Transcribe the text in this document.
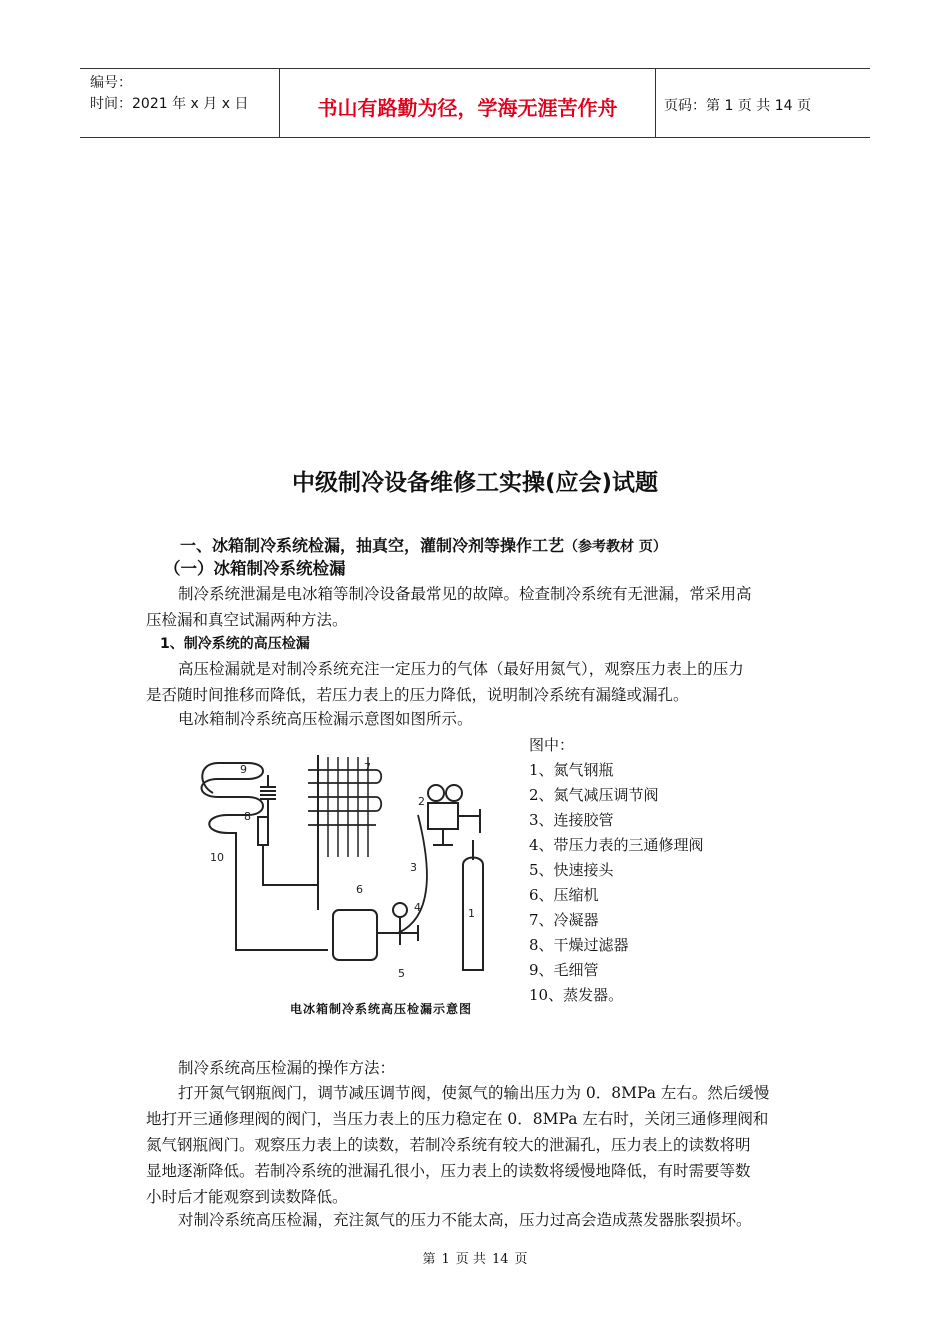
编号：
时间：2021 年 x 月 x 日	书山有路勤为径，学海无涯苦作舟	页码：第 1 页 共 14 页
中级制冷设备维修工实操(应会)试题
一、冰箱制冷系统检漏，抽真空，灌制冷剂等操作工艺（参考教材 页）
（一）冰箱制冷系统检漏
制冷系统泄漏是电冰箱等制冷设备最常见的故障。检查制冷系统有无泄漏，常采用高
压检漏和真空试漏两种方法。
1、制冷系统的高压检漏
高压检漏就是对制冷系统充注一定压力的气体（最好用氮气），观察压力表上的压力
是否随时间推移而降低，若压力表上的压力降低，说明制冷系统有漏缝或漏孔。
电冰箱制冷系统高压检漏示意图如图所示。
图中：
1、氮气钢瓶
2、氮气减压调节阀
3、连接胶管
4、带压力表的三通修理阀
5、快速接头
6、压缩机
7、冷凝器
8、干燥过滤器
9、毛细管
10、蒸发器。
9
8
10
7
6
2
3
4
5
1
电冰箱制冷系统高压检漏示意图
制冷系统高压检漏的操作方法：
打开氮气钢瓶阀门，调节减压调节阀，使氮气的输出压力为 0．8MPa 左右。然后缓慢
地打开三通修理阀的阀门，当压力表上的压力稳定在 0．8MPa 左右时，关闭三通修理阀和
氮气钢瓶阀门。观察压力表上的读数，若制冷系统有较大的泄漏孔，压力表上的读数将明
显地逐渐降低。若制冷系统的泄漏孔很小，压力表上的读数将缓慢地降低，有时需要等数
小时后才能观察到读数降低。
对制冷系统高压检漏，充注氮气的压力不能太高，压力过高会造成蒸发器胀裂损坏。
第 1 页 共 14 页
